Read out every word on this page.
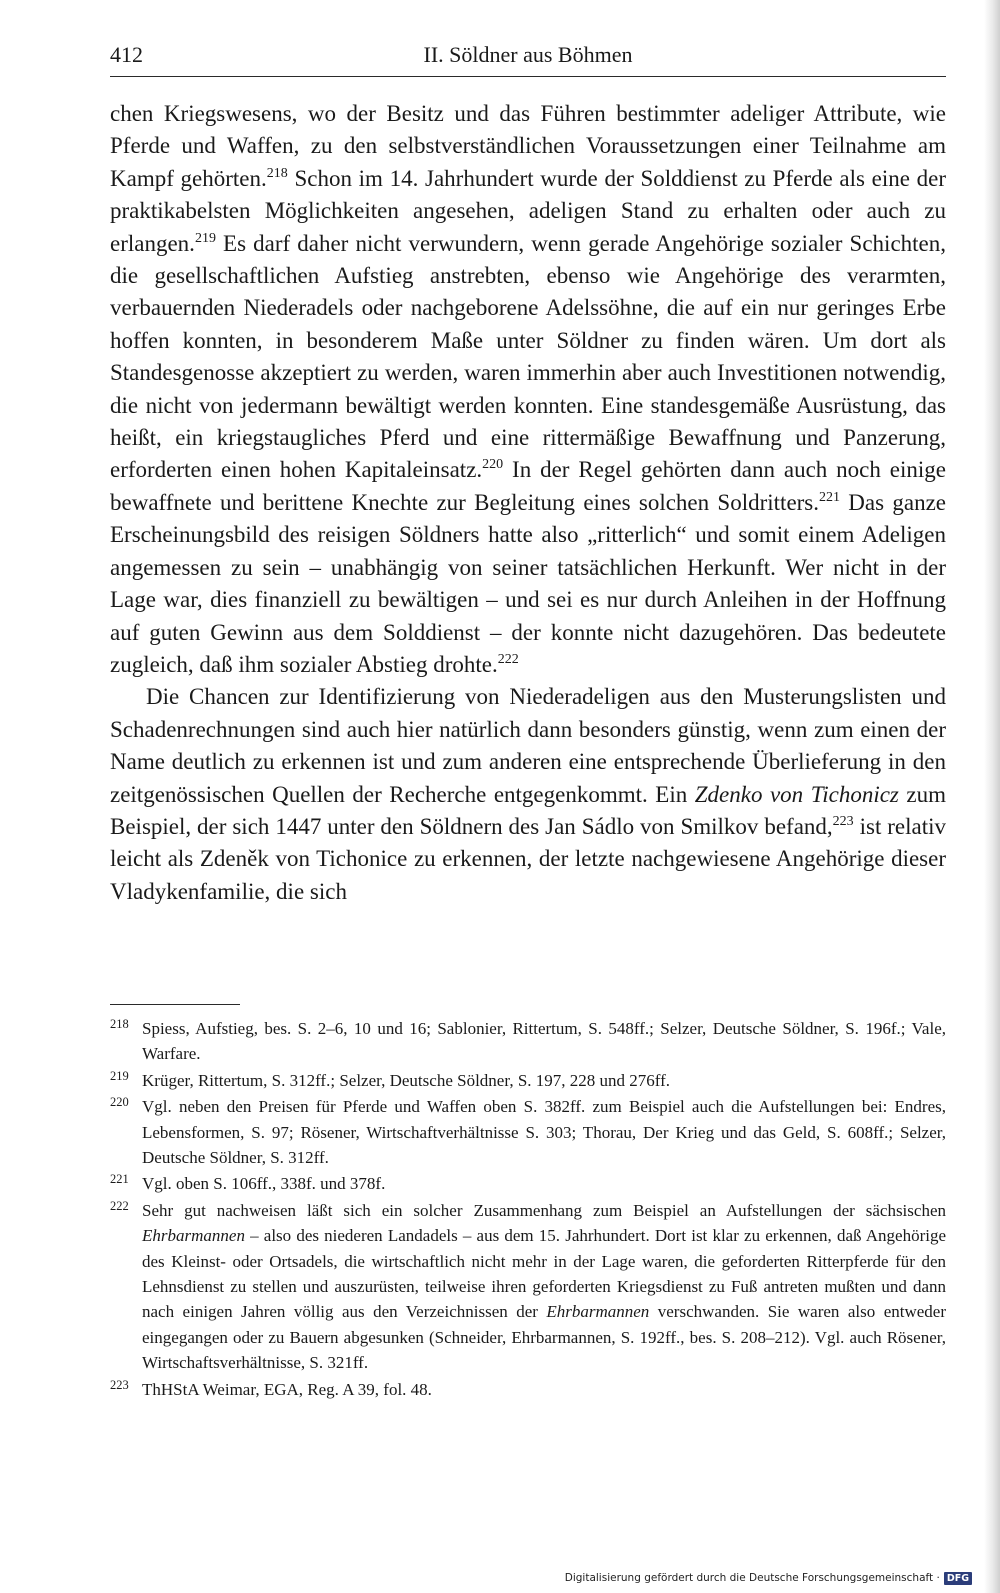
412	II. Söldner aus Böhmen

chen Kriegswesens, wo der Besitz und das Führen bestimmter adeliger Attribute, wie Pferde und Waffen, zu den selbstverständlichen Voraussetzungen einer Teilnahme am Kampf gehörten.$^{218}$ Schon im 14. Jahrhundert wurde der Solddienst zu Pferde als eine der praktikabelsten Möglichkeiten angesehen, adeligen Stand zu erhalten oder auch zu erlangen.$^{219}$ Es darf daher nicht verwundern, wenn gerade Angehörige sozialer Schichten, die gesellschaftlichen Aufstieg anstrebten, ebenso wie Angehörige des verarmten, verbauernden Niederadels oder nachgeborene Adelssöhne, die auf ein nur geringes Erbe hoffen konnten, in besonderem Maße unter Söldner zu finden wären. Um dort als Standesgenosse akzeptiert zu werden, waren immerhin aber auch Investitionen notwendig, die nicht von jedermann bewältigt werden konnten. Eine standesgemäße Ausrüstung, das heißt, ein kriegstaugliches Pferd und eine rittermäßige Bewaffnung und Panzerung, erforderten einen hohen Kapitaleinsatz.$^{220}$ In der Regel gehörten dann auch noch einige bewaffnete und berittene Knechte zur Begleitung eines solchen Soldritters.$^{221}$ Das ganze Erscheinungsbild des reisigen Söldners hatte also „ritterlich“ und somit einem Adeligen angemessen zu sein – unabhängig von seiner tatsächlichen Herkunft. Wer nicht in der Lage war, dies finanziell zu bewältigen – und sei es nur durch Anleihen in der Hoffnung auf guten Gewinn aus dem Solddienst – der konnte nicht dazugehören. Das bedeutete zugleich, daß ihm sozialer Abstieg drohte.$^{222}$

Die Chancen zur Identifizierung von Niederadeligen aus den Musterungslisten und Schadenrechnungen sind auch hier natürlich dann besonders günstig, wenn zum einen der Name deutlich zu erkennen ist und zum anderen eine entsprechende Überlieferung in den zeitgenössischen Quellen der Recherche entgegenkommt. Ein Zdenko von Tichonicz zum Beispiel, der sich 1447 unter den Söldnern des Jan Sádlo von Smilkov befand,$^{223}$ ist relativ leicht als Zdeněk von Tichonice zu erkennen, der letzte nachgewiesene Angehörige dieser Vladykenfamilie, die sich

218 Spiess, Aufstieg, bes. S. 2–6, 10 und 16; Sablonier, Rittertum, S. 548ff.; Selzer, Deutsche Söldner, S. 196f.; Vale, Warfare.
219 Krüger, Rittertum, S. 312ff.; Selzer, Deutsche Söldner, S. 197, 228 und 276ff.
220 Vgl. neben den Preisen für Pferde und Waffen oben S. 382ff. zum Beispiel auch die Aufstellungen bei: Endres, Lebensformen, S. 97; Rösener, Wirtschaftverhältnisse S. 303; Thorau, Der Krieg und das Geld, S. 608ff.; Selzer, Deutsche Söldner, S. 312ff.
221 Vgl. oben S. 106ff., 338f. und 378f.
222 Sehr gut nachweisen läßt sich ein solcher Zusammenhang zum Beispiel an Aufstellungen der sächsischen Ehrbarmannen – also des niederen Landadels – aus dem 15. Jahrhundert. Dort ist klar zu erkennen, daß Angehörige des Kleinst- oder Ortsadels, die wirtschaftlich nicht mehr in der Lage waren, die geforderten Ritterpferde für den Lehnsdienst zu stellen und auszurüsten, teilweise ihren geforderten Kriegsdienst zu Fuß antreten mußten und dann nach einigen Jahren völlig aus den Verzeichnissen der Ehrbarmannen verschwanden. Sie waren also entweder eingegangen oder zu Bauern abgesunken (Schneider, Ehrbarmannen, S. 192ff., bes. S. 208–212). Vgl. auch Rösener, Wirtschaftsverhältnisse, S. 321ff.
223 ThHStA Weimar, EGA, Reg. A 39, fol. 48.
Digitalisierung gefördert durch die Deutsche Forschungsgemeinschaft · DFG
